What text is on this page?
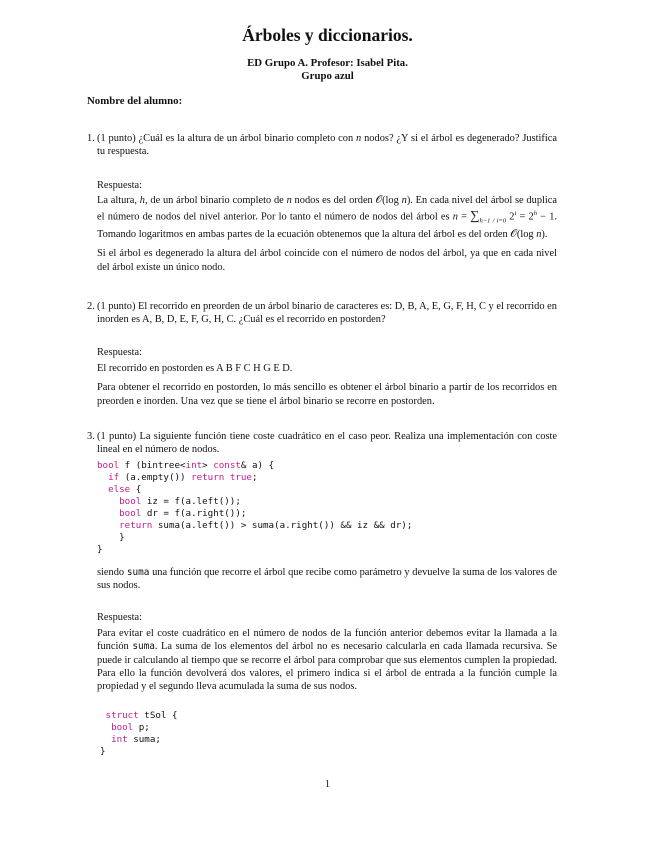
Árboles y diccionarios.
ED Grupo A. Profesor: Isabel Pita.
Grupo azul
Nombre del alumno:
1. (1 punto) ¿Cuál es la altura de un árbol binario completo con n nodos? ¿Y si el árbol es degenerado? Justifica tu respuesta.
Respuesta:

La altura, h, de un árbol binario completo de n nodos es del orden 𝒪(log n). En cada nivel del árbol se duplica el número de nodos del nivel anterior. Por lo tanto el número de nodos del árbol es $n = \sum_{h-1 / i=0}$ $2^i = 2^h - 1$. Tomando logaritmos en ambas partes de la ecuación obtenemos que la altura del árbol es del orden 𝒪(log n).

Si el árbol es degenerado la altura del árbol coincide con el número de nodos del árbol, ya que en cada nivel del árbol existe un único nodo.

2. (1 punto) El recorrido en preorden de un árbol binario de caracteres es: D, B, A, E, G, F, H, C y el recorrido en inorden es A, B, D, E, F, G, H, C. ¿Cuál es el recorrido en postorden?
Respuesta:

El recorrido en postorden es A B F C H G E D.

Para obtener el recorrido en postorden, lo más sencillo es obtener el árbol binario a partir de los recorridos en preorden e inorden. Una vez que se tiene el árbol binario se recorre en postorden.

3. (1 punto) La siguiente función tiene coste cuadrático en el caso peor. Realiza una implementación con coste lineal en el número de nodos.
bool f (bintree<int> const& a) {
if (a.empty()) return true;
else {
bool iz = f(a.left());
bool dr = f(a.right());
return suma(a.left()) > suma(a.right()) && iz && dr);
}
}

siendo suma una función que recorre el árbol que recibe como parámetro y devuelve la suma de los valores de sus nodos.

Respuesta:

Para evitar el coste cuadrático en el número de nodos de la función anterior debemos evitar la llamada a la función suma. La suma de los elementos del árbol no es necesario calcularla en cada llamada recursiva. Se puede ir calculando al tiempo que se recorre el árbol para comprobar que sus elementos cumplen la propiedad. Para ello la función devolverá dos valores, el primero indica si el árbol de entrada a la función cumple la propiedad y el segundo lleva acumulada la suma de sus nodos.

struct tSol {
bool p;
int suma;
}
1
